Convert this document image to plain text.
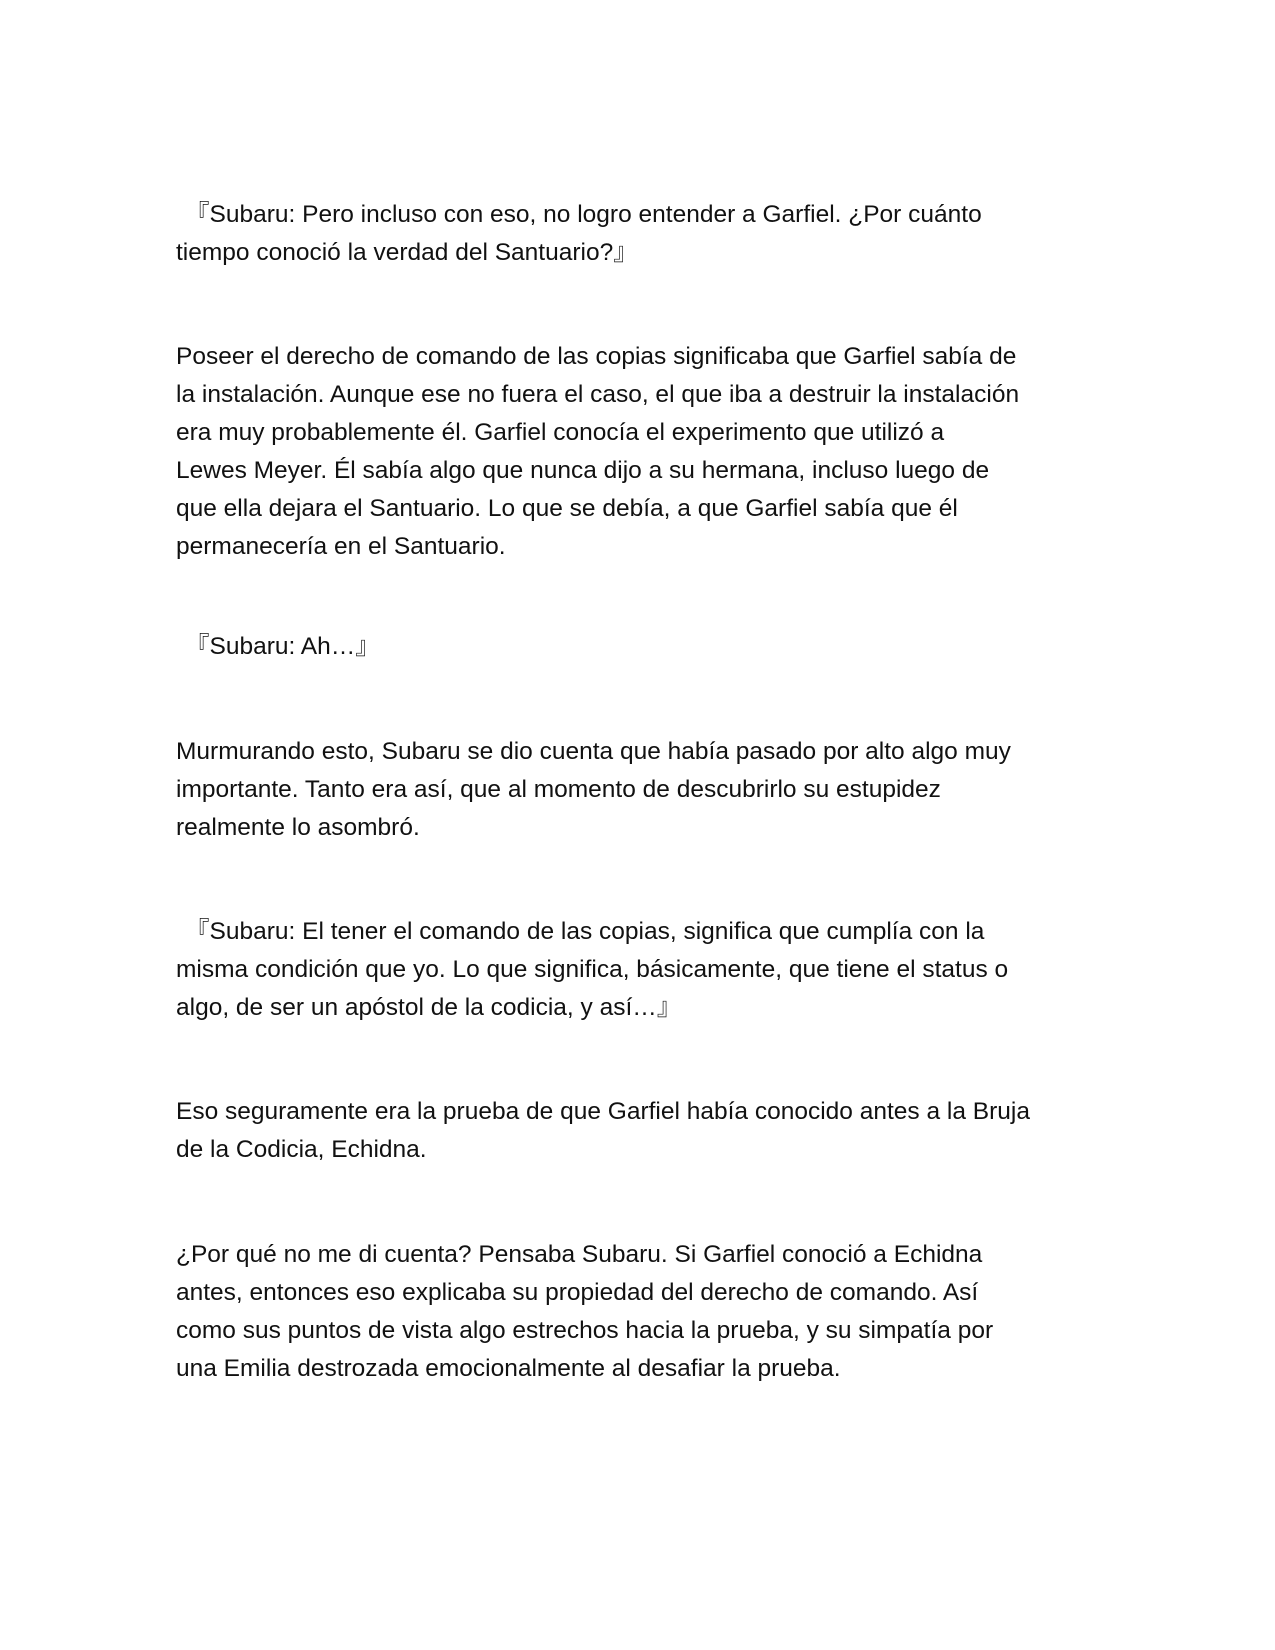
『Subaru: Pero incluso con eso, no logro entender a Garfiel. ¿Por cuánto
tiempo conoció la verdad del Santuario?』

Poseer el derecho de comando de las copias significaba que Garfiel sabía de
la instalación. Aunque ese no fuera el caso, el que iba a destruir la instalación
era muy probablemente él. Garfiel conocía el experimento que utilizó a
Lewes Meyer. Él sabía algo que nunca dijo a su hermana, incluso luego de
que ella dejara el Santuario. Lo que se debía, a que Garfiel sabía que él
permanecería en el Santuario.

『Subaru: Ah…』

Murmurando esto, Subaru se dio cuenta que había pasado por alto algo muy
importante. Tanto era así, que al momento de descubrirlo su estupidez
realmente lo asombró.

『Subaru: El tener el comando de las copias, significa que cumplía con la
misma condición que yo. Lo que significa, básicamente, que tiene el status o
algo, de ser un apóstol de la codicia, y así…』

Eso seguramente era la prueba de que Garfiel había conocido antes a la Bruja
de la Codicia, Echidna.

¿Por qué no me di cuenta? Pensaba Subaru. Si Garfiel conoció a Echidna
antes, entonces eso explicaba su propiedad del derecho de comando. Así
como sus puntos de vista algo estrechos hacia la prueba, y su simpatía por
una Emilia destrozada emocionalmente al desafiar la prueba.
